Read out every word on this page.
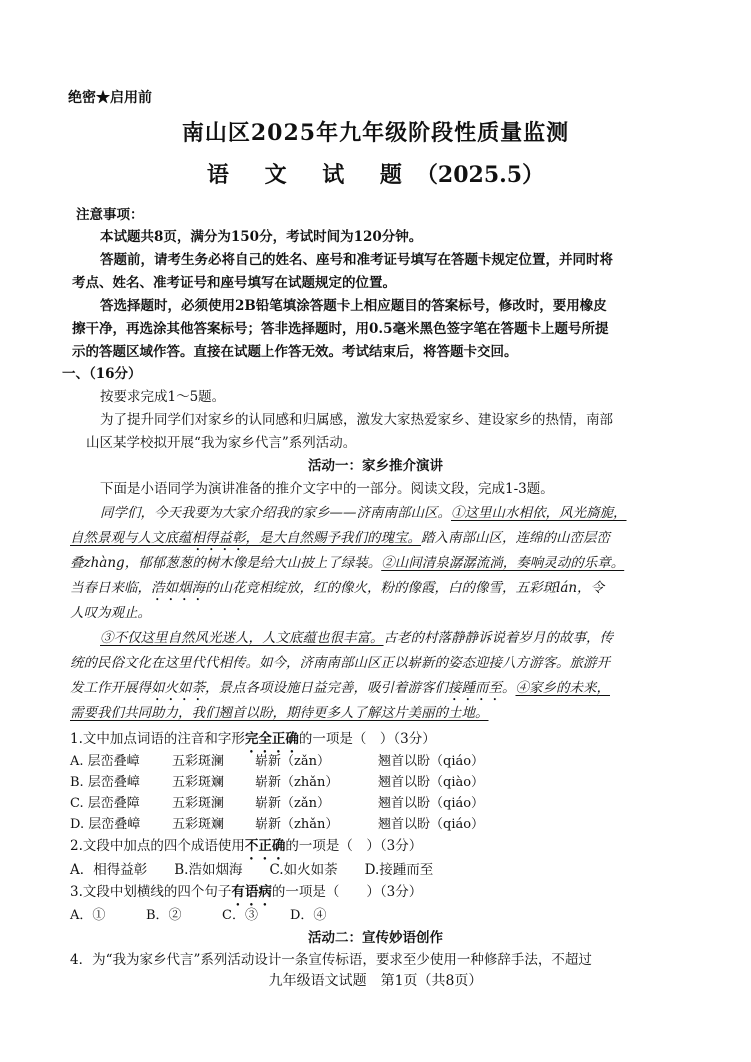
绝密★启用前
南山区2025年九年级阶段性质量监测
语 文 试 题（2025.5）
注意事项：
本试题共8页，满分为150分，考试时间为120分钟。
答题前，请考生务必将自己的姓名、座号和准考证号填写在答题卡规定位置，并同时将
考点、姓名、准考证号和座号填写在试题规定的位置。
答选择题时，必须使用2B铅笔填涂答题卡上相应题目的答案标号，修改时，要用橡皮
擦干净，再选涂其他答案标号；答非选择题时，用0.5毫米黑色签字笔在答题卡上题号所提
示的答题区域作答。直接在试题上作答无效。考试结束后，将答题卡交回。
一、（16分）
按要求完成1～5题。
为了提升同学们对家乡的认同感和归属感，激发大家热爱家乡、建设家乡的热情，南部
山区某学校拟开展“我为家乡代言”系列活动。
活动一：家乡推介演讲
下面是小语同学为演讲准备的推介文字中的一部分。阅读文段，完成1-3题。
同学们，今天我要为大家介绍我的家乡——济南南部山区。①这里山水相依，风光旖旎，
自然景观与人文底蕴相得益彰，是大自然赐予我们的瑰宝。踏入南部山区，连绵的山峦层峦
叠zhàng，郁郁葱葱的树木像是给大山披上了绿装。②山间清泉潺潺流淌，奏响灵动的乐章。
当春日来临，浩如烟海的山花竞相绽放，红的像火，粉的像霞，白的像雪，五彩斑lán，令
人叹为观止。
③不仅这里自然风光迷人，人文底蕴也很丰富。古老的村落静静诉说着岁月的故事，传
统的民俗文化在这里代代相传。如今，济南南部山区正以崭新的姿态迎接八方游客。旅游开
发工作开展得如火如荼，景点各项设施日益完善，吸引着游客们接踵而至。④家乡的未来，
需要我们共同助力，我们翘首以盼，期待更多人了解这片美丽的土地。
1.文中加点词语的注音和字形完全正确的一项是（　）（3分）
A. 层峦叠嶂 五彩斑澜 崭新（zǎn）	翘首以盼（qiáo）
B. 层峦叠嶂 五彩斑斓 崭新（zhǎn）	翘首以盼（qiào）
C. 层峦叠障 五彩斑澜 崭新（zǎn）	翘首以盼（qiáo）
D. 层峦叠嶂 五彩斑斓 崭新（zhǎn）	翘首以盼（qiáo）
2.文段中加点的四个成语使用不正确的一项是（　）（3分）
A．相得益彰　　B.浩如烟海　　C.如火如荼　　D.接踵而至
3.文段中划横线的四个句子有语病的一项是（　　）（3分）
A．①	B．②	C．③ D．④
活动二：宣传妙语创作
4．为“我为家乡代言”系列活动设计一条宣传标语，要求至少使用一种修辞手法，不超过
九年级语文试题　第1页（共8页）
